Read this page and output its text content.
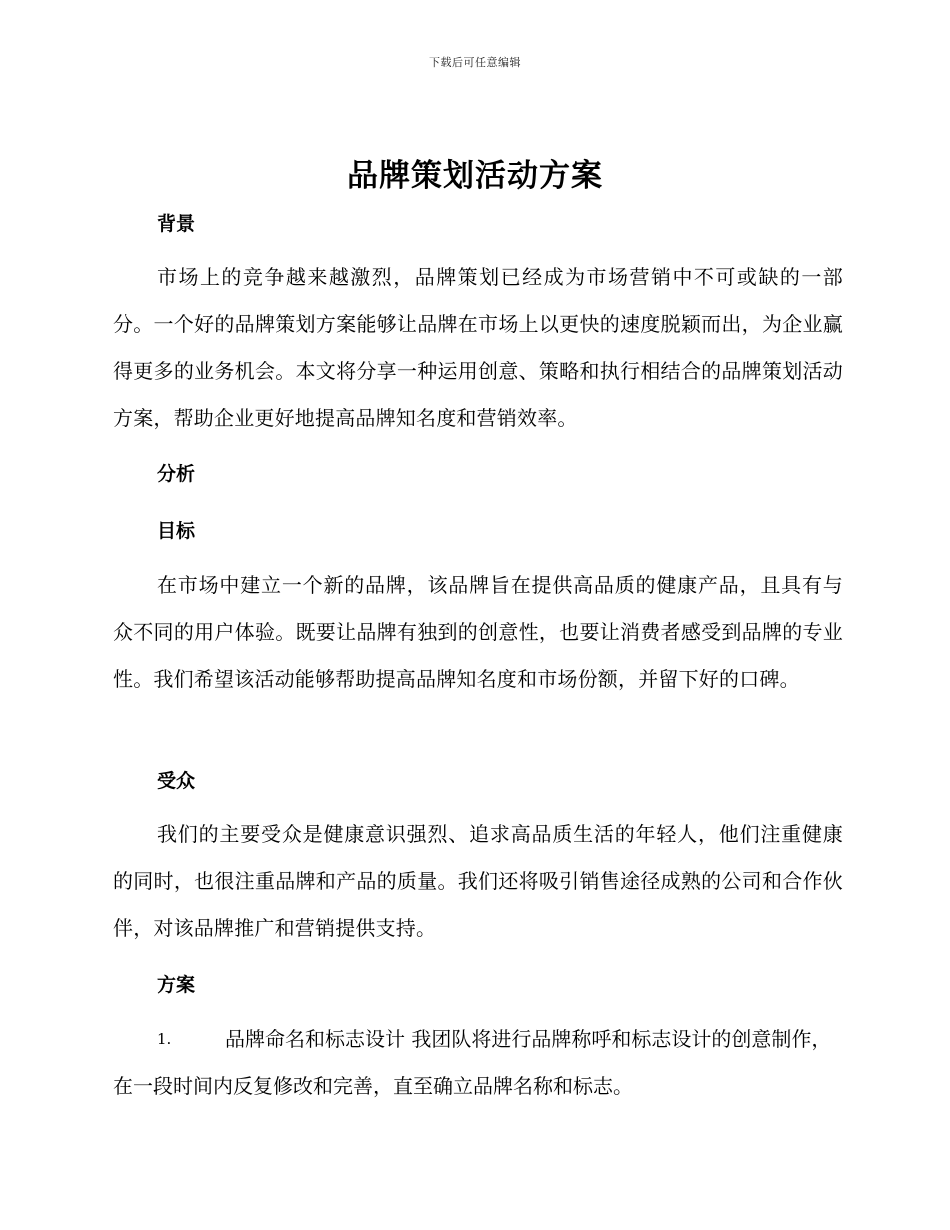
下载后可任意编辑
品牌策划活动方案
背景
市场上的竞争越来越激烈，品牌策划已经成为市场营销中不可或缺的一部分。一个好的品牌策划方案能够让品牌在市场上以更快的速度脱颖而出，为企业赢得更多的业务机会。本文将分享一种运用创意、策略和执行相结合的品牌策划活动方案，帮助企业更好地提高品牌知名度和营销效率。
分析
目标
在市场中建立一个新的品牌，该品牌旨在提供高品质的健康产品，且具有与众不同的用户体验。既要让品牌有独到的创意性，也要让消费者感受到品牌的专业性。我们希望该活动能够帮助提高品牌知名度和市场份额，并留下好的口碑。
受众
我们的主要受众是健康意识强烈、追求高品质生活的年轻人，他们注重健康的同时，也很注重品牌和产品的质量。我们还将吸引销售途径成熟的公司和合作伙伴，对该品牌推广和营销提供支持。
方案
1.	品牌命名和标志设计 我团队将进行品牌称呼和标志设计的创意制作，在一段时间内反复修改和完善，直至确立品牌名称和标志。
